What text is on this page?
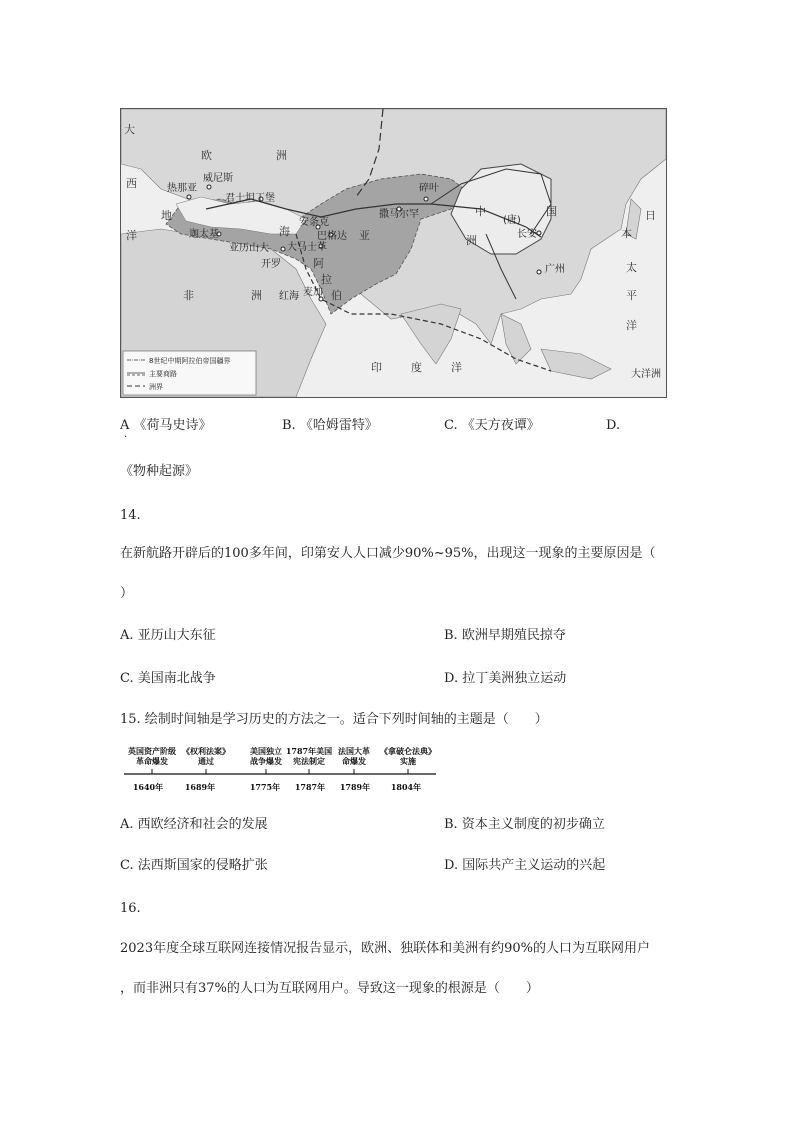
大
西
洋
欧	洲
威尼斯
热那亚
君士坦丁堡
迦太基
亚历山大
开罗
安条克
巴格达
大马士革
撒马尔罕
碎叶
中
(唐)
国
洲	长安
广州
亚
阿
拉
伯
麦加
非	洲 红海
地
海
日
本
太
平
洋
印	度	洋
大洋洲
8世纪中期阿拉伯帝国疆界
主要商路
洲界
A 《荷马史诗》
·
B. 《哈姆雷特》	C. 《天方夜谭》	D.
《物种起源》
14.
在新航路开辟后的100多年间，印第安人人口减少90%~95%，出现这一现象的主要原因是（
）
A. 亚历山大东征	B. 欧洲早期殖民掠夺
C. 美国南北战争	D. 拉丁美洲独立运动
15. 绘制时间轴是学习历史的方法之一。适合下列时间轴的主题是（　　）
英国资产阶级
革命爆发
1640年
《权利法案》
通过
1689年
美国独立
战争爆发
1775年
1787年美国
宪法制定
1787年
法国大革
命爆发
1789年
《拿破仑法典》
实施
1804年
A. 西欧经济和社会的发展	B. 资本主义制度的初步确立
C. 法西斯国家的侵略扩张	D. 国际共产主义运动的兴起
16.
2023年度全球互联网连接情况报告显示，欧洲、独联体和美洲有约90%的人口为互联网用户
，而非洲只有37%的人口为互联网用户。导致这一现象的根源是（　　）
